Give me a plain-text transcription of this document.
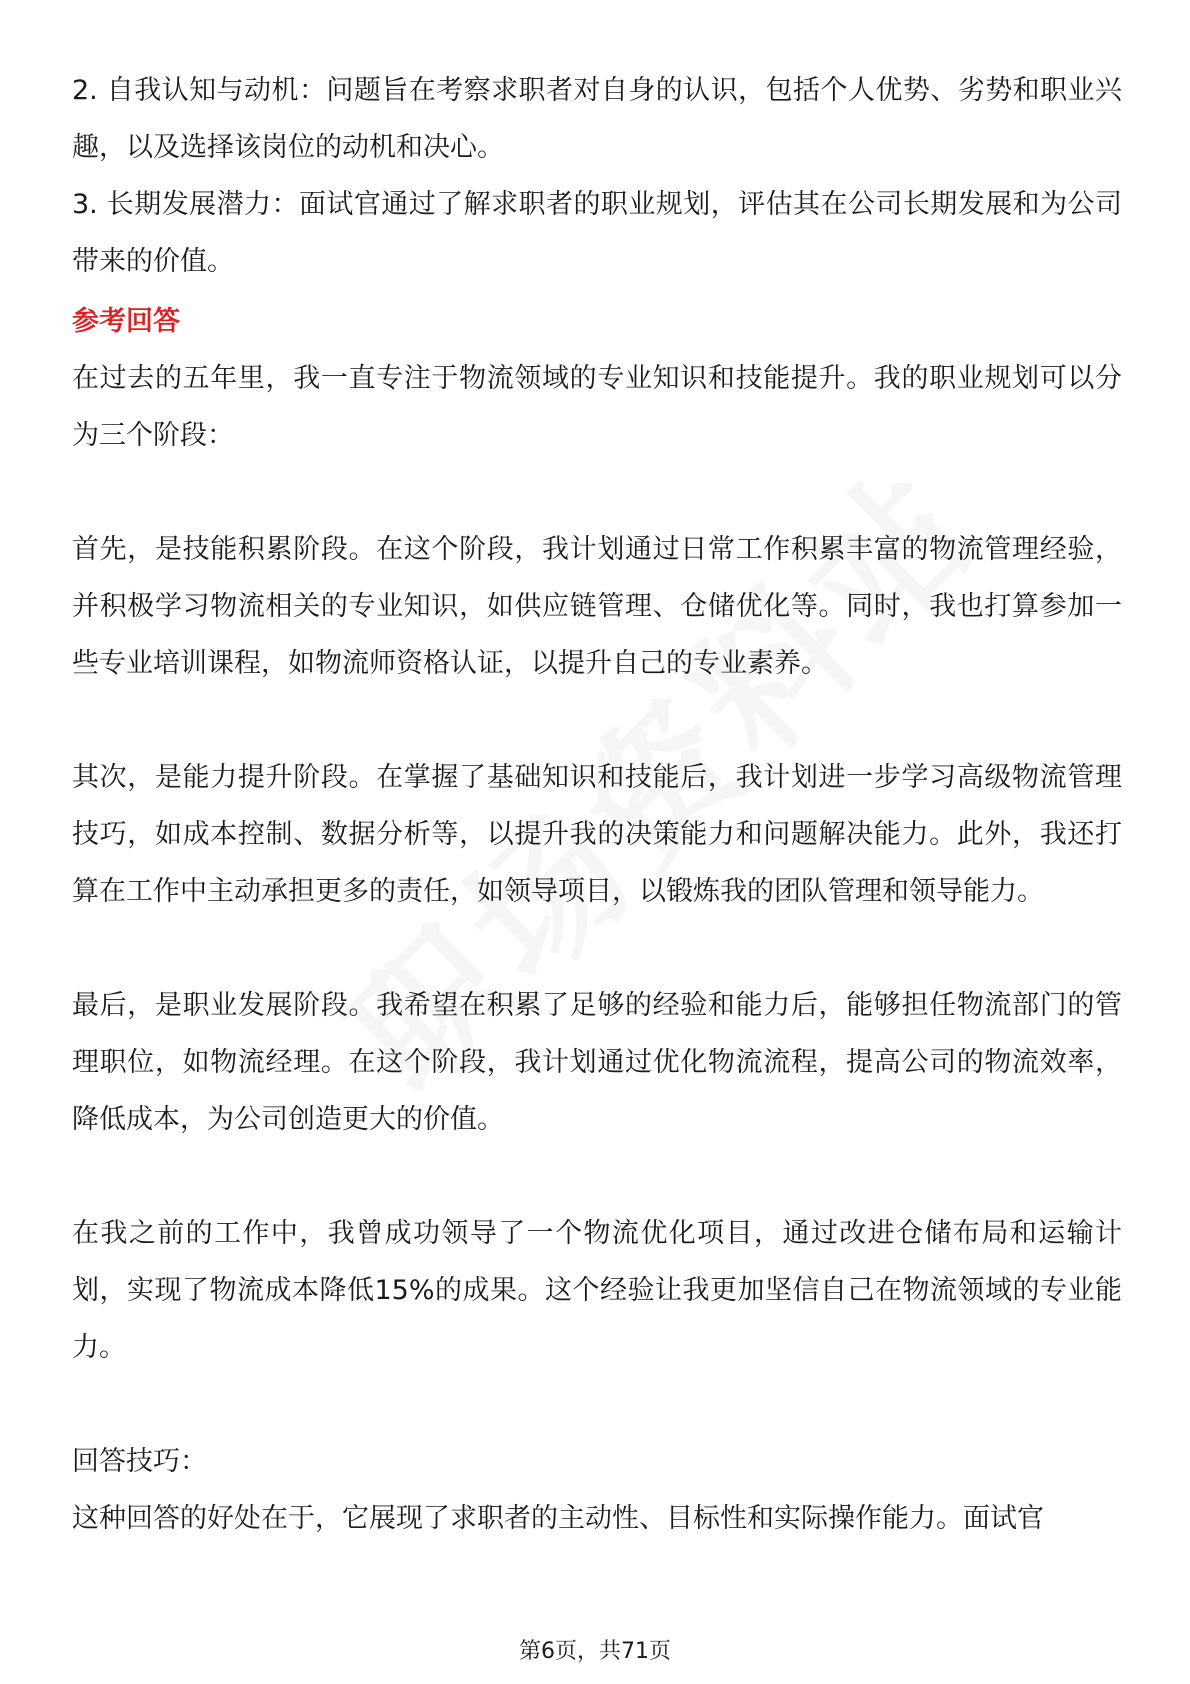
2. 自我认知与动机：问题旨在考察求职者对自身的认识，包括个人优势、劣势和职业兴趣，以及选择该岗位的动机和决心。

3. 长期发展潜力：面试官通过了解求职者的职业规划，评估其在公司长期发展和为公司带来的价值。

参考回答

在过去的五年里，我一直专注于物流领域的专业知识和技能提升。我的职业规划可以分为三个阶段：

首先，是技能积累阶段。在这个阶段，我计划通过日常工作积累丰富的物流管理经验，并积极学习物流相关的专业知识，如供应链管理、仓储优化等。同时，我也打算参加一些专业培训课程，如物流师资格认证，以提升自己的专业素养。

其次，是能力提升阶段。在掌握了基础知识和技能后，我计划进一步学习高级物流管理技巧，如成本控制、数据分析等，以提升我的决策能力和问题解决能力。此外，我还打算在工作中主动承担更多的责任，如领导项目，以锻炼我的团队管理和领导能力。

最后，是职业发展阶段。我希望在积累了足够的经验和能力后，能够担任物流部门的管理职位，如物流经理。在这个阶段，我计划通过优化物流流程，提高公司的物流效率，降低成本，为公司创造更大的价值。

在我之前的工作中，我曾成功领导了一个物流优化项目，通过改进仓储布局和运输计划，实现了物流成本降低15%的成果。这个经验让我更加坚信自己在物流领域的专业能力。

回答技巧：

这种回答的好处在于，它展现了求职者的主动性、目标性和实际操作能力。面试官

第6页，共71页
